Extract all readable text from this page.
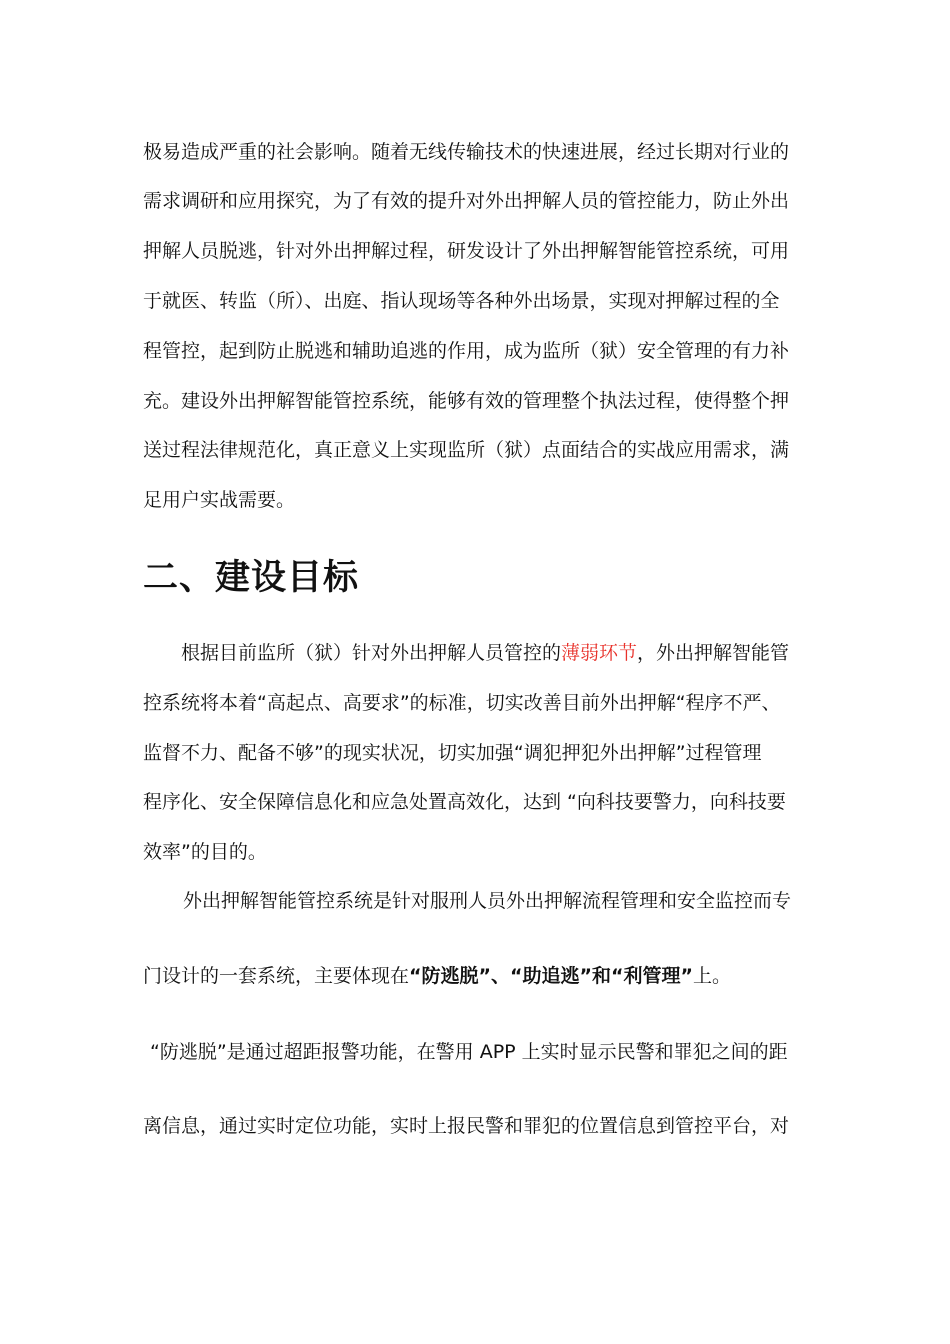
极易造成严重的社会影响。随着无线传输技术的快速进展，经过长期对行业的
需求调研和应用探究，为了有效的提升对外出押解人员的管控能力，防止外出
押解人员脱逃，针对外出押解过程，研发设计了外出押解智能管控系统，可用
于就医、转监（所）、出庭、指认现场等各种外出场景，实现对押解过程的全
程管控，起到防止脱逃和辅助追逃的作用，成为监所（狱）安全管理的有力补
充。建设外出押解智能管控系统，能够有效的管理整个执法过程，使得整个押
送过程法律规范化，真正意义上实现监所（狱）点面结合的实战应用需求，满
足用户实战需要。
二、建设目标
根据目前监所（狱）针对外出押解人员管控的薄弱环节，外出押解智能管
控系统将本着“高起点、高要求”的标准，切实改善目前外出押解“程序不严、
监督不力、配备不够”的现实状况，切实加强“调犯押犯外出押解”过程管理
程序化、安全保障信息化和应急处置高效化，达到 “向科技要警力，向科技要
效率”的目的。
外出押解智能管控系统是针对服刑人员外出押解流程管理和安全监控而专
门设计的一套系统，主要体现在“防逃脱”、“助追逃”和“利管理”上。
“防逃脱”是通过超距报警功能，在警用 APP 上实时显示民警和罪犯之间的距
离信息，通过实时定位功能，实时上报民警和罪犯的位置信息到管控平台，对
